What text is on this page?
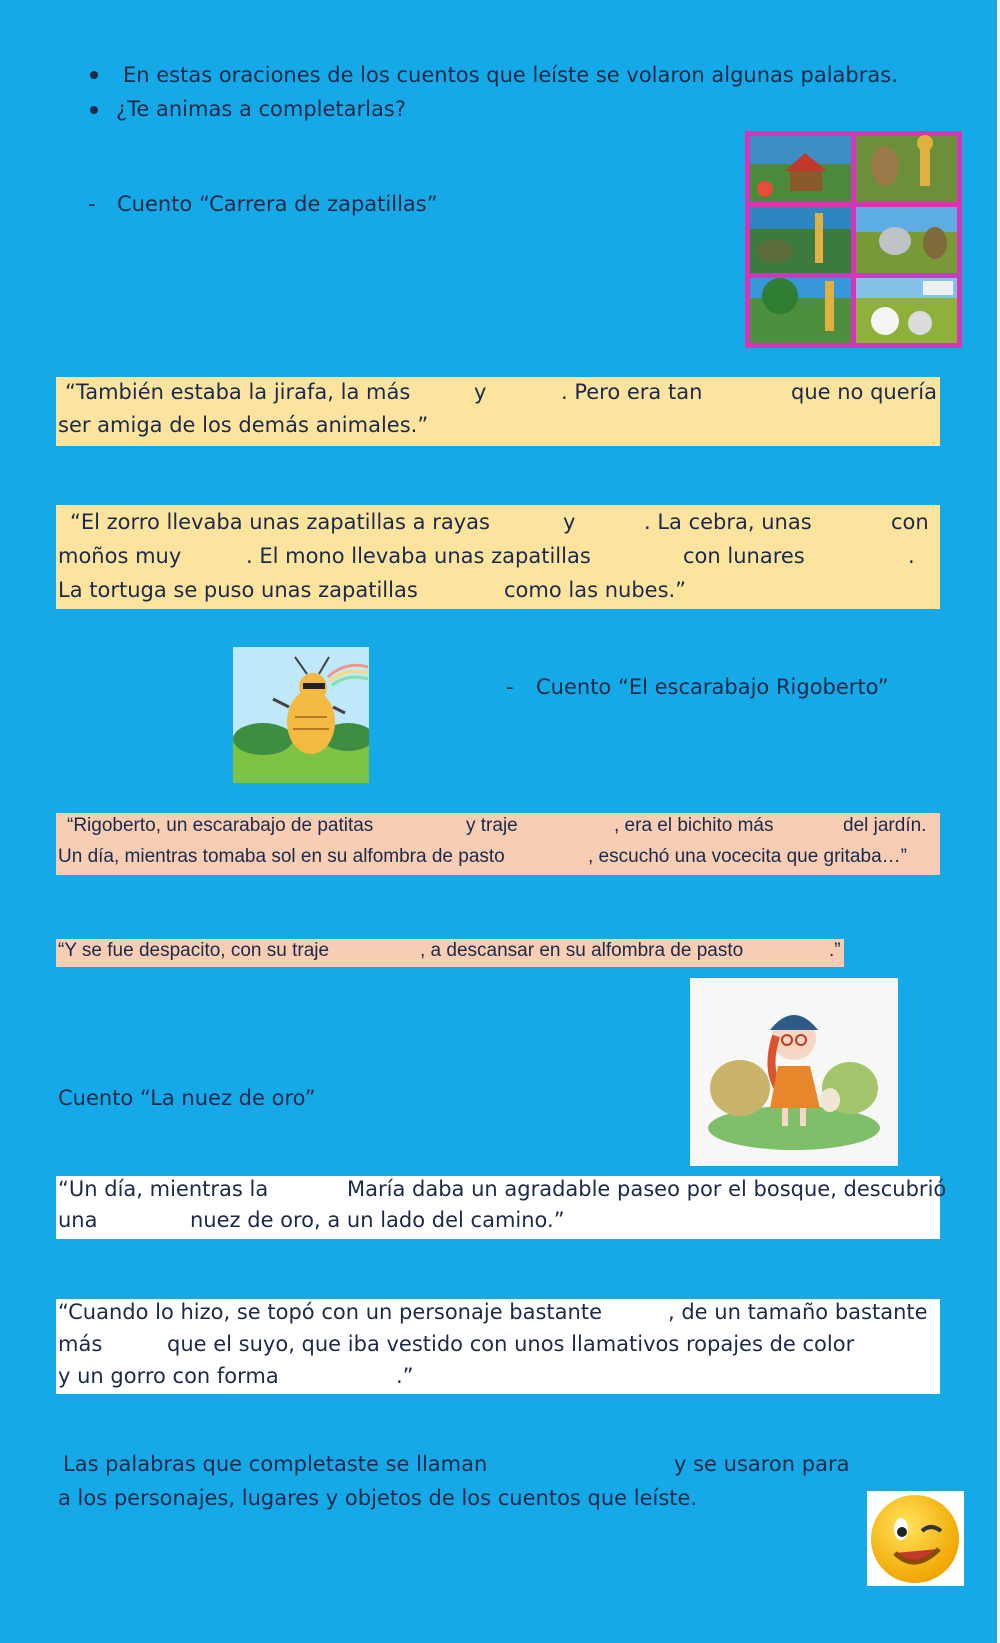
En estas oraciones de los cuentos que leíste se volaron algunas palabras.
¿Te animas a completarlas?
- Cuento “Carrera de zapatillas”
“También estaba la jirafa, la más	y	. Pero era tan	que no quería
ser amiga de los demás animales.”
“El zorro llevaba unas zapatillas a rayas	y	. La cebra, unas	con
moños muy	. El mono llevaba unas zapatillas	con lunares	.
La tortuga se puso unas zapatillas	como las nubes.”
- Cuento “El escarabajo Rigoberto”
“Rigoberto, un escarabajo de patitas	y traje	, era el bichito más	del jardín.
Un día, mientras tomaba sol en su alfombra de pasto	, escuchó una vocecita que gritaba…”
“Y se fue despacito, con su traje	, a descansar en su alfombra de pasto	.”
Cuento “La nuez de oro”
“Un día, mientras la	María daba un agradable paseo por el bosque, descubrió
una	nuez de oro, a un lado del camino.”
“Cuando lo hizo, se topó con un personaje bastante	, de un tamaño bastante
más	que el suyo, que iba vestido con unos llamativos ropajes de color
y un gorro con forma	.”
Las palabras que completaste se llaman	y se usaron para
a los personajes, lugares y objetos de los cuentos que leíste.
